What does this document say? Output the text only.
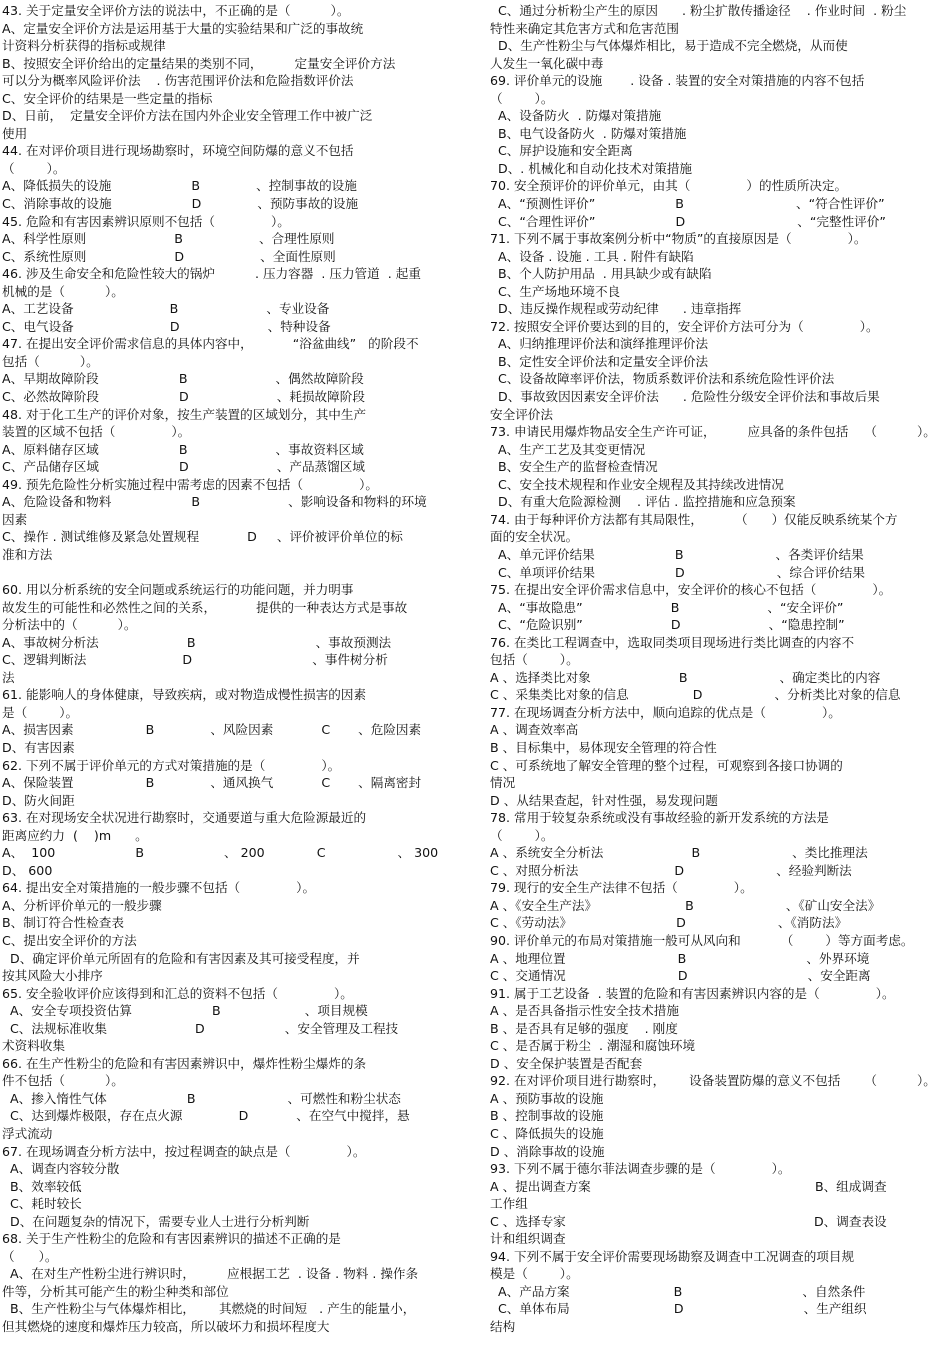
43. 关于定量安全评价方法的说法中，不正确的是（          ）。
A、定量安全评价方法是运用基于大量的实验结果和广泛的事故统
计资料分析获得的指标或规律
B、按照安全评价给出的定量结果的类别不同，        定量安全评价方法
可以分为概率风险评价法    . 伤害范围评价法和危险指数评价法
C、安全评价的结果是一些定量的指标
D、日前，  定量安全评价方法在国内外企业安全管理工作中被广泛
使用
44. 在对评价项目进行现场勘察时，环境空间防爆的意义不包括
（        ）。
A、降低损失的设施                    B              、控制事故的设施
C、消除事故的设施                    D              、预防事故的设施
45. 危险和有害因素辨识原则不包括（              ）。
A、科学性原则                      B                   、合理性原则
C、系统性原则                      D                   、全面性原则
46. 涉及生命安全和危险性较大的锅炉          . 压力容器  . 压力管道  . 起重
机械的是（          ）。
A、工艺设备                        B                      、专业设备
C、电气设备                        D                      、特种设备
47. 在提出安全评价需求信息的具体内容中，          “浴盆曲线”   的阶段不
包括（          ）。
A、早期故障阶段                    B                      、偶然故障阶段
C、必然故障阶段                    D                      、耗损故障阶段
48. 对于化工生产的评价对象，按生产装置的区域划分，其中生产
装置的区域不包括（              ）。
A、原料储存区域                    B                      、事故资料区域
C、产品储存区域                    D                      、产品蒸馏区域
49. 预先危险性分析实施过程中需考虑的因素不包括（              ）。
A、危险设备和物料                    B                      、影响设备和物料的环境
因素
C、操作 . 测试维修及紧急处置规程            D     、评价被评价单位的标
准和方法
60. 用以分析系统的安全问题或系统运行的功能问题，并力明事
故发生的可能性和必然性之间的关系，          提供的一种表达方式是事故
分析法中的（          ）。
A、事故树分析法                      B                              、事故预测法
C、逻辑判断法                        D                              、事件树分析
法
61. 能影响人的身体健康，导致疾病，或对物造成慢性损害的因素
是（        ）。
A、损害因素                  B              、风险因素            C       、危险因素
D、有害因素
62. 下列不属于评价单元的方式对策措施的是（              ）。
A、保险装置                  B              、通风换气            C       、隔离密封
D、防火间距
63. 在对现场安全状况进行勘察时，交通要道与重大危险源最近的
距离应约力  (    )m      。
A、  100                    B                    、 200             C                  、 300
D、 600
64. 提出安全对策措施的一般步骤不包括（              ）。
A、分析评价单元的一般步骤
B、制订符合性检查表
C、提出安全评价的方法
D、确定评价单元所固有的危险和有害因素及其可接受程度，并
按其风险大小排序
65. 安全验收评价应该得到和汇总的资料不包括（              ）。
A、安全专项投资估算                    B                     、项目规模
C、法规标准收集                      D                    、安全管理及工程技
术资料收集
66. 在生产性粉尘的危险和有害因素辨识中，爆炸性粉尘爆炸的条
件不包括（          ）。
A、掺入惰性气体                    B                       、可燃性和粉尘状态
C、达到爆炸极限，存在点火源              D            、在空气中搅拌，悬
浮式流动
67. 在现场调查分析方法中，按过程调查的缺点是（              ）。
A、调查内容较分散
B、效率较低
C、耗时较长
D、在问题复杂的情况下，需要专业人士进行分析判断
68. 关于生产性粉尘的危险和有害因素辨识的描述不正确的是
（      ）。
A、在对生产性粉尘进行辨识时，        应根据工艺  . 设备 . 物料 . 操作条
件等，分析其可能产生的粉尘种类和部位
B、生产性粉尘与气体爆炸相比，      其燃烧的时间短   . 产生的能量小，
但其燃烧的速度和爆炸压力较高，所以破坏力和损坏程度大
C、通过分析粉尘产生的原因      . 粉尘扩散传播途径    . 作业时间  . 粉尘
特性来确定其危害方式和危害范围
D、生产性粉尘与气体爆炸相比，易于造成不完全燃烧，从而使
人发生一氧化碳中毒
69. 评价单元的设施       . 设备 . 装置的安全对策措施的内容不包括
（        ）。
A、设备防火  . 防爆对策措施
B、电气设备防火  . 防爆对策措施
C、屏护设施和安全距离
D、. 机械化和自动化技术对策措施
70. 安全预评价的评价单元，由其（              ）的性质所决定。
A、“预测性评价”                    B                            、“符合性评价”
C、“合理性评价”                    D                            、“完整性评价”
71. 下列不属于事故案例分析中“物质”的直接原因是（              ）。
A、设备 . 设施 . 工具 . 附件有缺陷
B、个人防护用品  . 用具缺少或有缺陷
C、生产场地环境不良
D、违反操作规程或劳动纪律      . 违章指挥
72. 按照安全评价要达到的目的，安全评价方法可分为（              ）。
A、归纳推理评价法和演绎推理评价法
B、定性安全评价法和定量安全评价法
C、设备故障率评价法，物质系数评价法和系统危险性评价法
D、事故致因因素安全评价法      . 危险性分级安全评价法和事故后果
安全评价法
73. 申请民用爆炸物品安全生产许可证，        应具备的条件包括    （          ）。
A、生产工艺及其变更情况
B、安全生产的监督检查情况
C、安全技术规程和作业安全规程及其持续改进情况
D、有重大危险源检测    . 评估 . 监控措施和应急预案
74. 由于每种评价方法都有其局限性，        （      ）仅能反映系统某个方
面的安全状况。
A、单元评价结果                    B                       、各类评价结果
C、单项评价结果                    D                       、综合评价结果
75. 在提出安全评价需求信息中，安全评价的核心不包括（              ）。
A、“事故隐患”                      B                      、“安全评价”
C、“危险识别”                      D                      、“隐患控制”
76. 在类比工程调查中，选取同类项目现场进行类比调查的内容不
包括（        ）。
A 、选择类比对象                      B                       、确定类比的内容
C 、采集类比对象的信息                D                  、分析类比对象的信息
77. 在现场调查分析方法中，顺向追踪的优点是（              ）。
A 、调查效率高
B 、目标集中，易体现安全管理的符合性
C 、可系统地了解安全管理的整个过程，可观察到各接口协调的
情况
D 、从结果查起，针对性强，易发现问题
78. 常用于较复杂系统或没有事故经验的新开发系统的方法是
（        ）。
A 、系统安全分析法                      B                       、类比推理法
C 、对照分析法                        D                       、经验判断法
79. 现行的安全生产法律不包括（              ）。
A 、《安全生产法》                      B                       、《矿山安全法》
C 、《劳动法》                          D                       、《消防法》
90. 评价单元的布局对策措施一般可从风向和          （        ）等方面考虑。
A 、地理位置                            B                              、外界环境
C 、交通情况                            D                              、安全距离
91. 属于工艺设备  . 装置的危险和有害因素辨识内容的是（              ）。
A 、是否具备指示性安全技术措施
B 、是否具有足够的强度    . 刚度
C 、是否属于粉尘  . 潮湿和腐蚀环境
D 、安全保护装置是否配套
92. 在对评价项目进行勘察时，      设备装置防爆的意义不包括      （          ）。
A 、预防事故的设施
B 、控制事故的设施
C 、降低损失的设施
D 、消除事故的设施
93. 下列不属于德尔菲法调查步骤的是（              ）。
A 、提出调查方案                                                        B、组成调查
工作组
C 、选择专家                                                              D、调查表设
计和组织调查
94. 下列不属于安全评价需要现场勘察及调查中工况调查的项目规
模是（        ）。
A、产品方案                          B                              、自然条件
C、单体布局                          D                              、生产组织
结构
